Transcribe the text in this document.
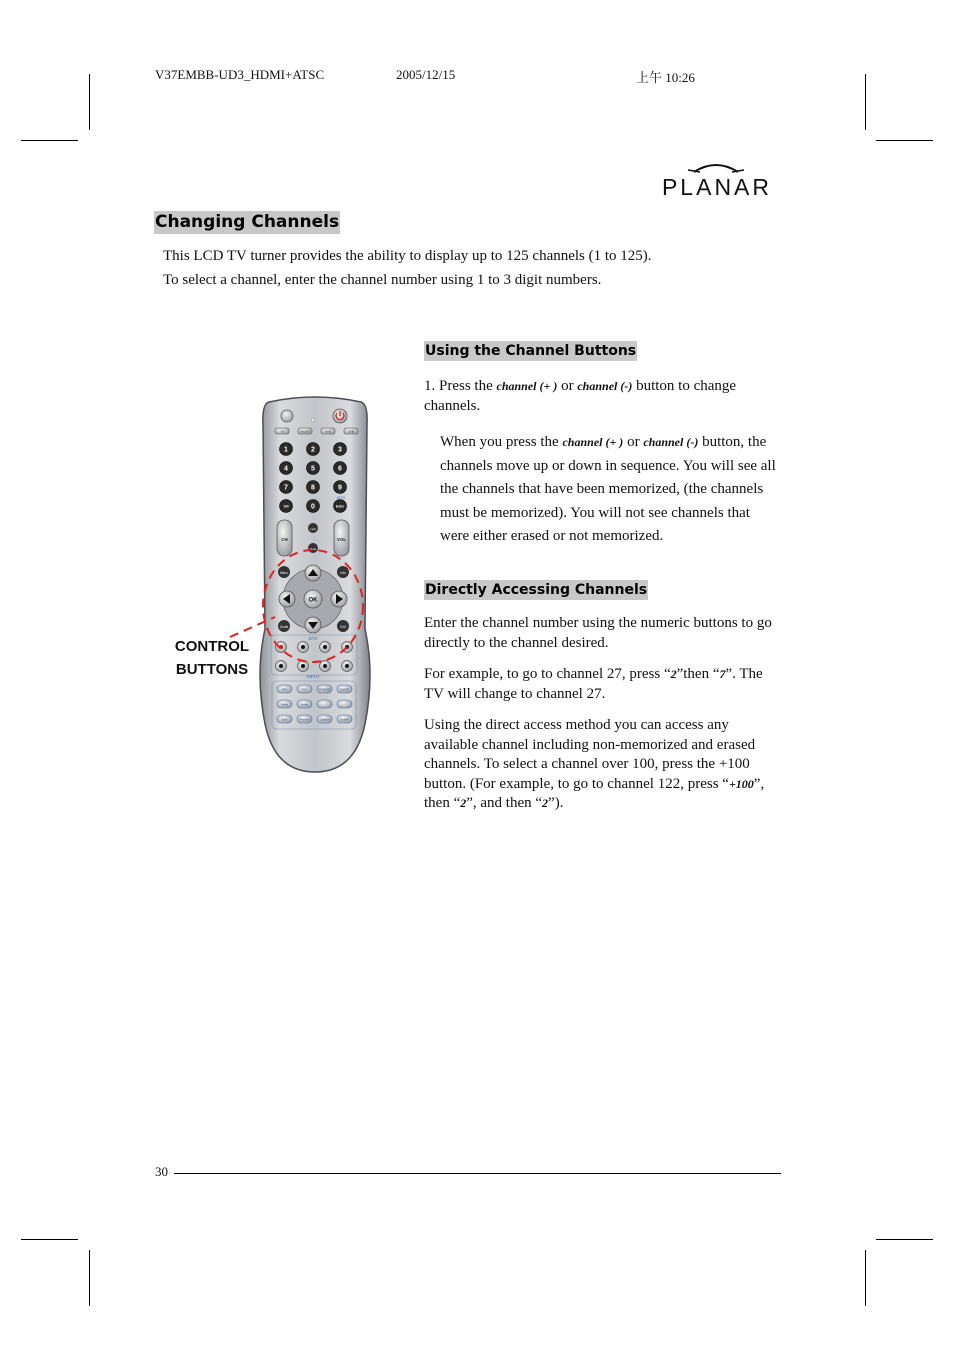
V37EMBB-UD3_HDMI+ATSC	2005/12/15	上午 10:26
PLANAR
Changing Channels
This LCD TV turner provides the ability to display up to 125 channels (1 to 125).
To select a channel, enter the channel number using 1 to 3 digit numbers.
Using the Channel Buttons
1. Press the channel (+ ) or channel (-) button to change channels.
When you press the channel (+ ) or channel (-) button, the channels move up or down in sequence. You will see all the channels that have been memorized, (the channels must be memorized). You will not see channels that were either erased or not memorized.
Directly Accessing Channels
Enter the channel number using the numeric buttons to go directly to the channel desired.
For example, to go to channel 27, press “2”then “7”. The TV will change to channel 27.
Using the direct access method you can access any available channel including non-memorized and erased channels. To select a channel over 100, press the +100 button. (For example, to go to channel 122, press “+100”, then “2”, and then “2”).
TV	VIDEO	DVD	STB
1	2	3
4	5	6
7	8	9
100	0	Enter
MTS
CH	VOL
Last
Mute
Menu	Info
Guide	Exit
OK
DTV
INPUT
ARC	PIC	FREEZE	SLEEP
Video	Audio
Size	Position	Caption	Sub/W
CONTROL
BUTTONS
30
